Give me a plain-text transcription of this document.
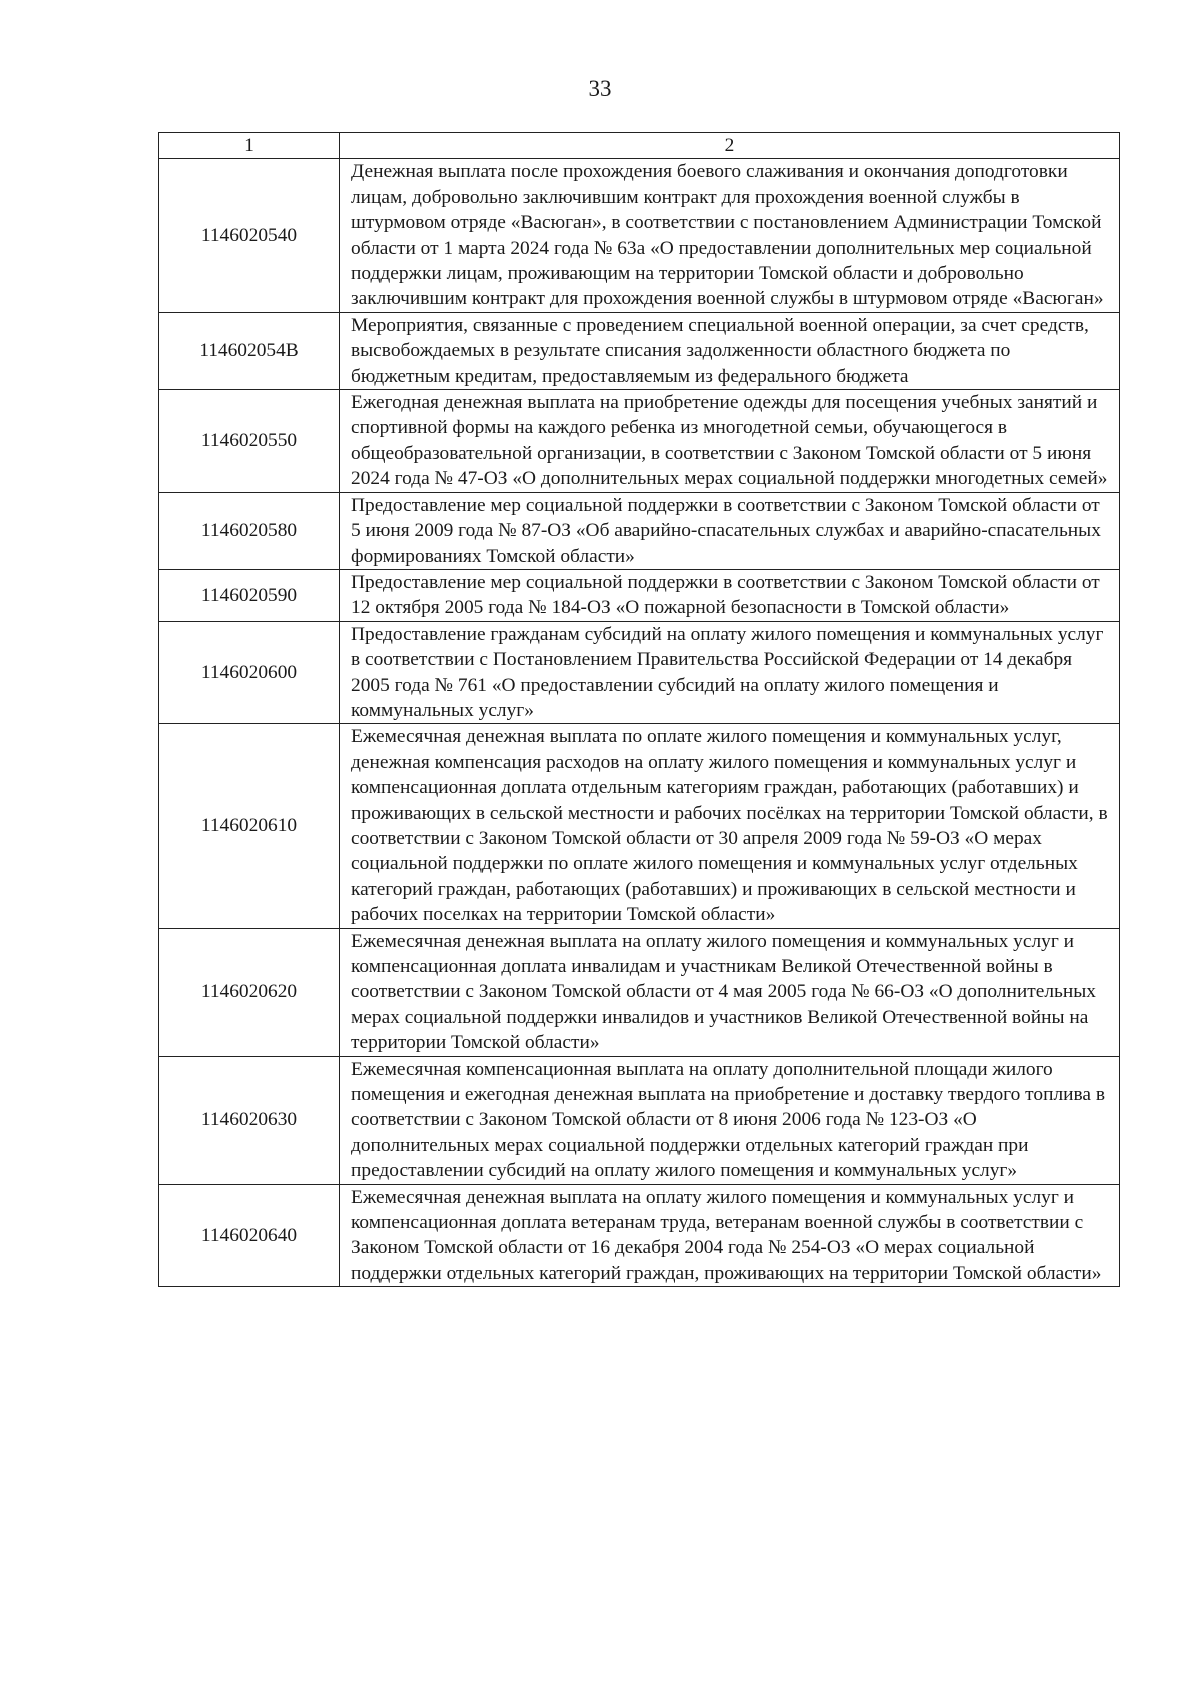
33
1	2
1146020540	Денежная выплата после прохождения боевого слаживания и окончания доподготовки лицам, добровольно заключившим контракт для прохождения военной службы в штурмовом отряде «Васюган», в соответствии с постановлением Администрации Томской области от 1 марта 2024 года № 63а «О предоставлении дополнительных мер социальной поддержки лицам, проживающим на территории Томской области и добровольно заключившим контракт для прохождения военной службы в штурмовом отряде «Васюган»
114602054В	Мероприятия, связанные с проведением специальной военной операции, за счет средств, высвобождаемых в результате списания задолженности областного бюджета по бюджетным кредитам, предоставляемым из федерального бюджета
1146020550	Ежегодная денежная выплата на приобретение одежды для посещения учебных занятий и спортивной формы на каждого ребенка из многодетной семьи, обучающегося в общеобразовательной организации, в соответствии с Законом Томской области от 5 июня 2024 года № 47-ОЗ «О дополнительных мерах социальной поддержки многодетных семей»
1146020580	Предоставление мер социальной поддержки в соответствии с Законом Томской области от 5 июня 2009 года № 87-ОЗ «Об аварийно-спасательных службах и аварийно-спасательных формированиях Томской области»
1146020590	Предоставление мер социальной поддержки в соответствии с Законом Томской области от 12 октября 2005 года № 184-ОЗ «О пожарной безопасности в Томской области»
1146020600	Предоставление гражданам субсидий на оплату жилого помещения и коммунальных услуг в соответствии с Постановлением Правительства Российской Федерации от 14 декабря 2005 года № 761 «О предоставлении субсидий на оплату жилого помещения и коммунальных услуг»
1146020610	Ежемесячная денежная выплата по оплате жилого помещения и коммунальных услуг, денежная компенсация расходов на оплату жилого помещения и коммунальных услуг и компенсационная доплата отдельным категориям граждан, работающих (работавших) и проживающих в сельской местности и рабочих посёлках на территории Томской области, в соответствии с Законом Томской области от 30 апреля 2009 года № 59-ОЗ «О мерах социальной поддержки по оплате жилого помещения и коммунальных услуг отдельных категорий граждан, работающих (работавших) и проживающих в сельской местности и рабочих поселках на территории Томской области»
1146020620	Ежемесячная денежная выплата на оплату жилого помещения и коммунальных услуг и компенсационная доплата инвалидам и участникам Великой Отечественной войны в соответствии с Законом Томской области от 4 мая 2005 года № 66-ОЗ «О дополнительных мерах социальной поддержки инвалидов и участников Великой Отечественной войны на территории Томской области»
1146020630	Ежемесячная компенсационная выплата на оплату дополнительной площади жилого помещения и ежегодная денежная выплата на приобретение и доставку твердого топлива в соответствии с Законом Томской области от 8 июня 2006 года № 123-ОЗ «О дополнительных мерах социальной поддержки отдельных категорий граждан при предоставлении субсидий на оплату жилого помещения и коммунальных услуг»
1146020640	Ежемесячная денежная выплата на оплату жилого помещения и коммунальных услуг и компенсационная доплата ветеранам труда, ветеранам военной службы в соответствии с Законом Томской области от 16 декабря 2004 года № 254-ОЗ «О мерах социальной поддержки отдельных категорий граждан, проживающих на территории Томской области»
